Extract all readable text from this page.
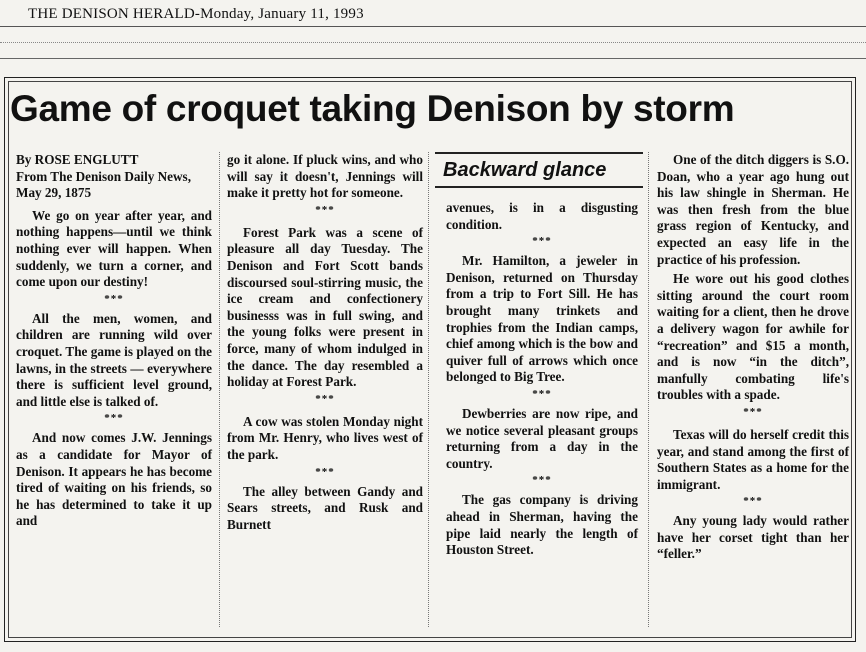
THE DENISON HERALD-Monday, January 11, 1993
Game of croquet taking Denison by storm

By ROSE ENGLUTT

From The Denison Daily News, May 29, 1875

We go on year after year, and nothing happens—until we think nothing ever will happen. When suddenly, we turn a corner, and come upon our destiny!

***

All the men, women, and children are running wild over croquet. The game is played on the lawns, in the streets — everywhere there is sufficient level ground, and little else is talked of.

***

And now comes J.W. Jennings as a candidate for Mayor of Denison. It appears he has become tired of waiting on his friends, so he has determined to take it up and

go it alone. If pluck wins, and who will say it doesn't, Jennings will make it pretty hot for someone.

***

Forest Park was a scene of pleasure all day Tuesday. The Denison and Fort Scott bands discoursed soul-stirring music, the ice cream and confectionery businesss was in full swing, and the young folks were present in force, many of whom indulged in the dance. The day resembled a holiday at Forest Park.

***

A cow was stolen Monday night from Mr. Henry, who lives west of the park.

***

The alley between Gandy and Sears streets, and Rusk and Burnett

Backward glance

avenues, is in a disgusting condition.

***

Mr. Hamilton, a jeweler in Denison, returned on Thursday from a trip to Fort Sill. He has brought many trinkets and trophies from the Indian camps, chief among which is the bow and quiver full of arrows which once belonged to Big Tree.

***

Dewberries are now ripe, and we notice several pleasant groups returning from a day in the country.

***

The gas company is driving ahead in Sherman, having the pipe laid nearly the length of Houston Street.

One of the ditch diggers is S.O. Doan, who a year ago hung out his law shingle in Sherman. He was then fresh from the blue grass region of Kentucky, and expected an easy life in the practice of his profession.

He wore out his good clothes sitting around the court room waiting for a client, then he drove a delivery wagon for awhile for “recreation” and $15 a month, and is now “in the ditch”, manfully combating life's troubles with a spade.

***

Texas will do herself credit this year, and stand among the first of Southern States as a home for the immigrant.

***

Any young lady would rather have her corset tight than her “feller.”
